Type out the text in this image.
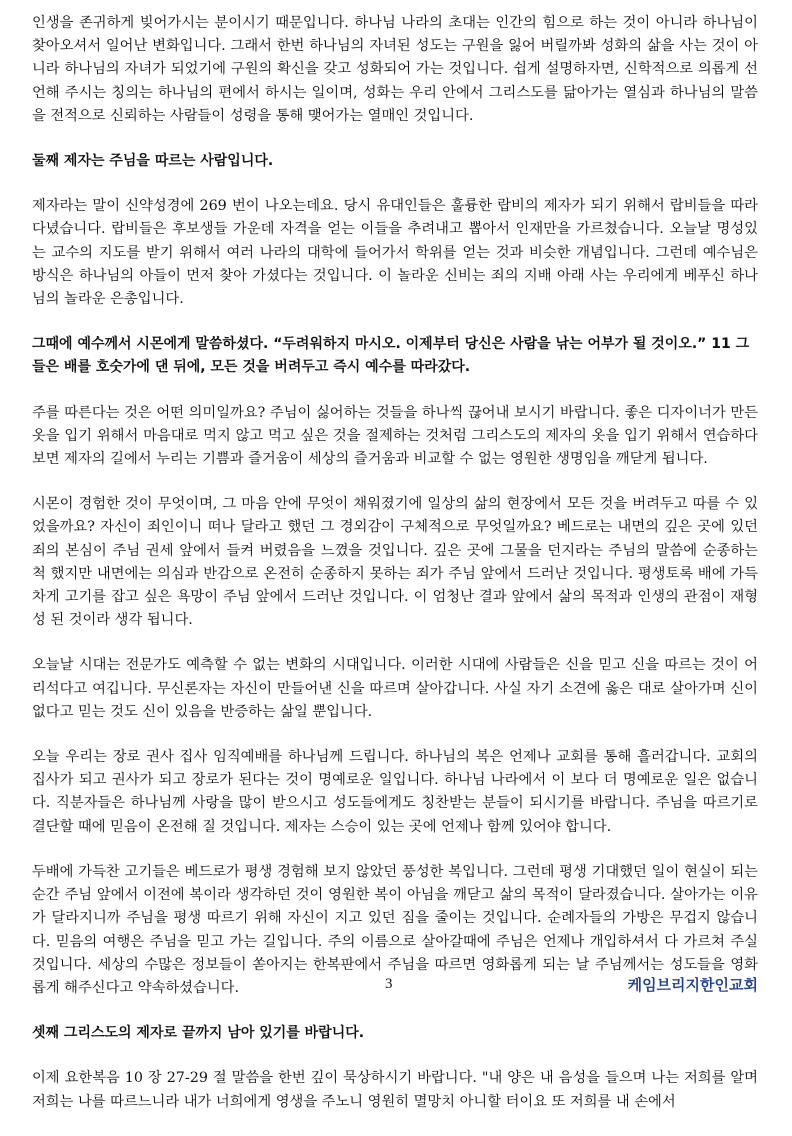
인생을 존귀하게 빚어가시는 분이시기 때문입니다. 하나님 나라의 초대는 인간의 힘으로 하는 것이 아니라 하나님이 찾아오셔서 일어난 변화입니다. 그래서 한번 하나님의 자녀된 성도는 구원을 잃어 버릴까봐 성화의 삶을 사는 것이 아니라 하나님의 자녀가 되었기에 구원의 확신을 갖고 성화되어 가는 것입니다. 쉽게 설명하자면, 신학적으로 의롭게 선언해 주시는 칭의는 하나님의 편에서 하시는 일이며, 성화는 우리 안에서 그리스도를 닮아가는 열심과 하나님의 말씀을 전적으로 신뢰하는 사람들이 성령을 통해 맺어가는 열매인 것입니다.

둘째 제자는 주님을 따르는 사람입니다.

제자라는 말이 신약성경에 269 번이 나오는데요. 당시 유대인들은 훌륭한 랍비의 제자가 되기 위해서 랍비들을 따라 다녔습니다. 랍비들은 후보생들 가운데 자격을 얻는 이들을 추려내고 뽑아서 인재만을 가르쳤습니다. 오늘날 명성있는 교수의 지도를 받기 위해서 여러 나라의 대학에 들어가서 학위를 얻는 것과 비슷한 개념입니다. 그런데 예수님은 방식은 하나님의 아들이 먼저 찾아 가셨다는 것입니다. 이 놀라운 신비는 죄의 지배 아래 사는 우리에게 베푸신 하나님의 놀라운 은총입니다.

그때에 예수께서 시몬에게 말씀하셨다. “두려워하지 마시오. 이제부터 당신은 사람을 낚는 어부가 될 것이오.” 11 그들은 배를 호숫가에 댄 뒤에, 모든 것을 버려두고 즉시 예수를 따라갔다.

주를 따른다는 것은 어떤 의미일까요? 주님이 싫어하는 것들을 하나씩 끊어내 보시기 바랍니다. 좋은 디자이너가 만든 옷을 입기 위해서 마음대로 먹지 않고 먹고 싶은 것을 절제하는 것처럼 그리스도의 제자의 옷을 입기 위해서 연습하다 보면 제자의 길에서 누리는 기쁨과 즐거움이 세상의 즐거움과 비교할 수 없는 영원한 생명임을 깨닫게 됩니다.

시몬이 경험한 것이 무엇이며, 그 마음 안에 무엇이 채워졌기에 일상의 삶의 현장에서 모든 것을 버려두고 따를 수 있었을까요? 자신이 죄인이니 떠나 달라고 했던 그 경외감이 구체적으로 무엇일까요? 베드로는 내면의 깊은 곳에 있던 죄의 본심이 주님 권세 앞에서 들켜 버렸음을 느꼈을 것입니다. 깊은 곳에 그물을 던지라는 주님의 말씀에 순종하는 척 했지만 내면에는 의심과 반감으로 온전히 순종하지 못하는 죄가 주님 앞에서 드러난 것입니다. 평생토록 배에 가득차게 고기를 잡고 싶은 욕망이 주님 앞에서 드러난 것입니다. 이 엄청난 결과 앞에서 삶의 목적과 인생의 관점이 재형성 된 것이라 생각 됩니다.

오늘날 시대는 전문가도 예측할 수 없는 변화의 시대입니다. 이러한 시대에 사람들은 신을 믿고 신을 따르는 것이 어리석다고 여깁니다. 무신론자는 자신이 만들어낸 신을 따르며 살아갑니다. 사실 자기 소견에 옳은 대로 살아가며 신이 없다고 믿는 것도 신이 있음을 반증하는 삶일 뿐입니다.

오늘 우리는 장로 권사 집사 임직예배를 하나님께 드립니다. 하나님의 복은 언제나 교회를 통해 흘러갑니다. 교회의 집사가 되고 권사가 되고 장로가 된다는 것이 명예로운 일입니다. 하나님 나라에서 이 보다 더 명예로운 일은 없습니다. 직분자들은 하나님께 사랑을 많이 받으시고 성도들에게도 칭찬받는 분들이 되시기를 바랍니다. 주님을 따르기로 결단할 때에 믿음이 온전해 질 것입니다. 제자는 스승이 있는 곳에 언제나 함께 있어야 합니다.

두배에 가득찬 고기들은 베드로가 평생 경험해 보지 않았던 풍성한 복입니다. 그런데 평생 기대했던 일이 현실이 되는 순간 주님 앞에서 이전에 복이라 생각하던 것이 영원한 복이 아님을 깨닫고 삶의 목적이 달라졌습니다. 살아가는 이유가 달라지니까 주님을 평생 따르기 위해 자신이 지고 있던 짐을 줄이는 것입니다. 순례자들의 가방은 무겁지 않습니다. 믿음의 여행은 주님을 믿고 가는 길입니다. 주의 이름으로 살아갈때에 주님은 언제나 개입하셔서 다 가르쳐 주실 것입니다. 세상의 수많은 정보들이 쏟아지는 한복판에서 주님을 따르면 영화롭게 되는 날 주님께서는 성도들을 영화롭게 해주신다고 약속하셨습니다.

셋째 그리스도의 제자로 끝까지 남아 있기를 바랍니다.

이제 요한복음 10 장 27-29 절 말씀을 한번 깊이 묵상하시기 바랍니다. "내 양은 내 음성을 들으며 나는 저희를 알며 저희는 나를 따르느니라 내가 너희에게 영생을 주노니 영원히 멸망치 아니할 터이요 또 저희를 내 손에서

3	케임브리지한인교회
